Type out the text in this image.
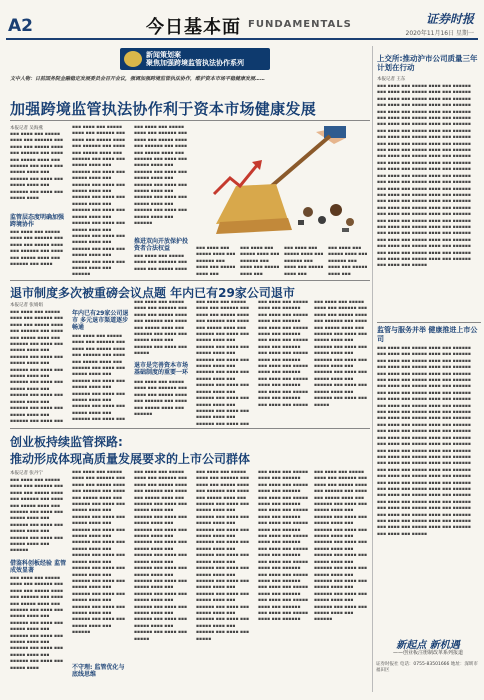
A2	今日基本面 FUNDAMENTALS	证券时报
2020年11月16日 星期一
新闻策划案
聚焦加强跨境监管执法协作系列
文中人物：日前国务院金融稳定发展委员会召开会议，强调加强跨境监管执法协作，维护资本市场平稳健康发展……
加强跨境监管执法协作利于资本市场健康发展
本报记者 吴海燕
▪▪▪ ▪▪▪▪ ▪▪▪ ▪▪▪▪▪ ▪▪▪▪ ▪▪▪ ▪▪▪▪▪▪ ▪▪▪ ▪▪▪▪ ▪▪▪ ▪▪▪▪▪ ▪▪▪▪ ▪▪▪ ▪▪▪▪▪▪ ▪▪▪ ▪▪▪▪ ▪▪▪ ▪▪▪▪▪ ▪▪▪▪ ▪▪▪ ▪▪▪▪▪▪ ▪▪▪ ▪▪▪▪ ▪▪▪ ▪▪▪▪▪ ▪▪▪▪ ▪▪▪ ▪▪▪▪▪▪ ▪▪▪ ▪▪▪▪ ▪▪▪ ▪▪▪▪▪ ▪▪▪▪ ▪▪▪ ▪▪▪▪▪▪ ▪▪▪ ▪▪▪▪ ▪▪▪ ▪▪▪▪▪ ▪▪▪▪
监管层态度明确加强跨境协作
▪▪▪ ▪▪▪▪ ▪▪▪ ▪▪▪▪▪ ▪▪▪▪ ▪▪▪ ▪▪▪▪▪▪ ▪▪▪ ▪▪▪▪ ▪▪▪ ▪▪▪▪▪ ▪▪▪▪ ▪▪▪ ▪▪▪▪▪▪ ▪▪▪ ▪▪▪▪ ▪▪▪ ▪▪▪▪▪ ▪▪▪▪ ▪▪▪ ▪▪▪▪▪▪ ▪▪▪ ▪▪▪▪
▪▪▪ ▪▪▪▪ ▪▪▪ ▪▪▪▪▪ ▪▪▪▪ ▪▪▪ ▪▪▪▪▪▪ ▪▪▪ ▪▪▪▪ ▪▪▪ ▪▪▪▪▪ ▪▪▪▪ ▪▪▪ ▪▪▪▪▪▪ ▪▪▪ ▪▪▪▪ ▪▪▪ ▪▪▪▪▪ ▪▪▪▪ ▪▪▪ ▪▪▪▪▪▪ ▪▪▪ ▪▪▪▪ ▪▪▪ ▪▪▪▪▪ ▪▪▪▪ ▪▪▪ ▪▪▪▪▪▪ ▪▪▪ ▪▪▪▪ ▪▪▪ ▪▪▪▪▪ ▪▪▪▪ ▪▪▪ ▪▪▪▪▪▪ ▪▪▪ ▪▪▪▪ ▪▪▪ ▪▪▪▪▪ ▪▪▪▪ ▪▪▪ ▪▪▪▪▪▪ ▪▪▪ ▪▪▪▪ ▪▪▪ ▪▪▪▪▪ ▪▪▪▪ ▪▪▪ ▪▪▪▪▪▪ ▪▪▪ ▪▪▪▪ ▪▪▪ ▪▪▪▪▪ ▪▪▪▪ ▪▪▪ ▪▪▪▪▪▪ ▪▪▪ ▪▪▪▪ ▪▪▪ ▪▪▪▪▪ ▪▪▪▪ ▪▪▪ ▪▪▪▪▪▪ ▪▪▪ ▪▪▪▪ ▪▪▪ ▪▪▪▪▪ ▪▪▪▪ ▪▪▪ ▪▪▪▪▪▪ ▪▪▪ ▪▪▪▪ ▪▪▪ ▪▪▪▪▪ ▪▪▪▪ ▪▪▪ ▪▪▪▪▪▪ ▪▪▪ ▪▪▪▪ ▪▪▪ ▪▪▪▪▪ ▪▪▪▪ ▪▪▪ ▪▪▪▪▪▪
▪▪▪ ▪▪▪▪ ▪▪▪ ▪▪▪▪▪ ▪▪▪▪ ▪▪▪ ▪▪▪▪▪▪ ▪▪▪ ▪▪▪▪ ▪▪▪ ▪▪▪▪▪ ▪▪▪▪ ▪▪▪ ▪▪▪▪▪▪ ▪▪▪ ▪▪▪▪ ▪▪▪ ▪▪▪▪▪ ▪▪▪▪ ▪▪▪ ▪▪▪▪▪▪ ▪▪▪ ▪▪▪▪ ▪▪▪ ▪▪▪▪▪ ▪▪▪▪ ▪▪▪ ▪▪▪▪▪▪ ▪▪▪ ▪▪▪▪ ▪▪▪ ▪▪▪▪▪ ▪▪▪▪ ▪▪▪ ▪▪▪▪▪▪ ▪▪▪ ▪▪▪▪ ▪▪▪ ▪▪▪▪▪ ▪▪▪▪ ▪▪▪ ▪▪▪▪▪▪ ▪▪▪ ▪▪▪▪ ▪▪▪ ▪▪▪▪▪ ▪▪▪▪ ▪▪▪ ▪▪▪▪▪▪ ▪▪▪ ▪▪▪▪ ▪▪▪ ▪▪▪▪▪ ▪▪▪▪ ▪▪▪ ▪▪▪▪▪▪
推进双向开放保护投资者合法权益
▪▪▪ ▪▪▪▪ ▪▪▪ ▪▪▪▪▪ ▪▪▪▪ ▪▪▪ ▪▪▪▪▪▪ ▪▪▪ ▪▪▪▪ ▪▪▪ ▪▪▪▪▪ ▪▪▪▪
▪▪▪ ▪▪▪▪ ▪▪▪ ▪▪▪▪▪ ▪▪▪▪ ▪▪▪ ▪▪▪▪▪▪ ▪▪▪ ▪▪▪▪ ▪▪▪ ▪▪▪▪▪ ▪▪▪▪ ▪▪▪
▪▪▪ ▪▪▪▪ ▪▪▪ ▪▪▪▪▪ ▪▪▪▪ ▪▪▪ ▪▪▪▪▪▪ ▪▪▪ ▪▪▪▪ ▪▪▪ ▪▪▪▪▪ ▪▪▪▪ ▪▪▪
▪▪▪ ▪▪▪▪ ▪▪▪ ▪▪▪▪▪ ▪▪▪▪ ▪▪▪ ▪▪▪▪▪▪ ▪▪▪ ▪▪▪▪ ▪▪▪ ▪▪▪▪▪ ▪▪▪▪ ▪▪▪
▪▪▪ ▪▪▪▪ ▪▪▪ ▪▪▪▪▪ ▪▪▪▪ ▪▪▪ ▪▪▪▪▪▪ ▪▪▪ ▪▪▪▪ ▪▪▪ ▪▪▪▪▪ ▪▪▪▪ ▪▪▪
退市制度多次被重磅会议点题 年内已有29家公司退市
本报记者 张娟娟
▪▪▪ ▪▪▪▪ ▪▪▪ ▪▪▪▪▪ ▪▪▪▪ ▪▪▪ ▪▪▪▪▪▪ ▪▪▪ ▪▪▪▪ ▪▪▪ ▪▪▪▪▪ ▪▪▪▪ ▪▪▪ ▪▪▪▪▪▪ ▪▪▪ ▪▪▪▪ ▪▪▪ ▪▪▪▪▪ ▪▪▪▪ ▪▪▪ ▪▪▪▪▪▪ ▪▪▪ ▪▪▪▪ ▪▪▪ ▪▪▪▪▪ ▪▪▪▪ ▪▪▪ ▪▪▪▪▪▪ ▪▪▪ ▪▪▪▪ ▪▪▪ ▪▪▪▪▪ ▪▪▪▪ ▪▪▪ ▪▪▪▪▪▪ ▪▪▪ ▪▪▪▪ ▪▪▪ ▪▪▪▪▪ ▪▪▪▪ ▪▪▪ ▪▪▪▪▪▪ ▪▪▪ ▪▪▪▪ ▪▪▪ ▪▪▪▪▪ ▪▪▪▪ ▪▪▪ ▪▪▪▪▪▪ ▪▪▪ ▪▪▪▪ ▪▪▪ ▪▪▪▪▪ ▪▪▪▪ ▪▪▪ ▪▪▪▪▪▪ ▪▪▪ ▪▪▪▪ ▪▪▪ ▪▪▪▪▪ ▪▪▪▪ ▪▪▪ ▪▪▪▪▪▪ ▪▪▪ ▪▪▪▪ ▪▪▪
年内已有29家公司退市 多元退市渠道逐步畅通
▪▪▪ ▪▪▪▪ ▪▪▪ ▪▪▪▪▪ ▪▪▪▪ ▪▪▪ ▪▪▪▪▪▪ ▪▪▪ ▪▪▪▪ ▪▪▪ ▪▪▪▪▪ ▪▪▪▪ ▪▪▪ ▪▪▪▪▪▪ ▪▪▪ ▪▪▪▪ ▪▪▪ ▪▪▪▪▪ ▪▪▪▪ ▪▪▪ ▪▪▪▪▪▪ ▪▪▪ ▪▪▪▪ ▪▪▪ ▪▪▪▪▪ ▪▪▪▪ ▪▪▪ ▪▪▪▪▪▪ ▪▪▪ ▪▪▪▪ ▪▪▪ ▪▪▪▪▪ ▪▪▪▪ ▪▪▪ ▪▪▪▪▪▪ ▪▪▪ ▪▪▪▪ ▪▪▪ ▪▪▪▪▪ ▪▪▪▪ ▪▪▪ ▪▪▪▪▪▪ ▪▪▪ ▪▪▪▪ ▪▪▪ ▪▪▪▪▪ ▪▪▪▪ ▪▪▪ ▪▪▪▪▪▪ ▪▪▪ ▪▪▪▪ ▪▪▪
▪▪▪ ▪▪▪▪ ▪▪▪ ▪▪▪▪▪ ▪▪▪▪ ▪▪▪ ▪▪▪▪▪▪ ▪▪▪ ▪▪▪▪ ▪▪▪ ▪▪▪▪▪ ▪▪▪▪ ▪▪▪ ▪▪▪▪▪▪ ▪▪▪ ▪▪▪▪ ▪▪▪ ▪▪▪▪▪ ▪▪▪▪ ▪▪▪ ▪▪▪▪▪▪ ▪▪▪ ▪▪▪▪ ▪▪▪ ▪▪▪▪▪ ▪▪▪▪ ▪▪▪ ▪▪▪▪▪▪ ▪▪▪ ▪▪▪▪ ▪▪▪ ▪▪▪▪▪
退市是完善资本市场基础制度的重要一环
▪▪▪ ▪▪▪▪ ▪▪▪ ▪▪▪▪▪ ▪▪▪▪ ▪▪▪ ▪▪▪▪▪▪ ▪▪▪ ▪▪▪▪ ▪▪▪ ▪▪▪▪▪ ▪▪▪▪ ▪▪▪ ▪▪▪▪▪▪ ▪▪▪ ▪▪▪▪ ▪▪▪ ▪▪▪▪▪ ▪▪▪▪ ▪▪▪ ▪▪▪▪▪▪
▪▪▪ ▪▪▪▪ ▪▪▪ ▪▪▪▪▪ ▪▪▪▪ ▪▪▪ ▪▪▪▪▪▪ ▪▪▪ ▪▪▪▪ ▪▪▪ ▪▪▪▪▪ ▪▪▪▪ ▪▪▪ ▪▪▪▪▪▪ ▪▪▪ ▪▪▪▪ ▪▪▪ ▪▪▪▪▪ ▪▪▪▪ ▪▪▪ ▪▪▪▪▪▪ ▪▪▪ ▪▪▪▪ ▪▪▪ ▪▪▪▪▪ ▪▪▪▪ ▪▪▪ ▪▪▪▪▪▪ ▪▪▪ ▪▪▪▪ ▪▪▪ ▪▪▪▪▪ ▪▪▪▪ ▪▪▪ ▪▪▪▪▪▪ ▪▪▪ ▪▪▪▪ ▪▪▪ ▪▪▪▪▪ ▪▪▪▪ ▪▪▪ ▪▪▪▪▪▪ ▪▪▪ ▪▪▪▪ ▪▪▪ ▪▪▪▪▪ ▪▪▪▪ ▪▪▪ ▪▪▪▪▪▪ ▪▪▪ ▪▪▪▪ ▪▪▪ ▪▪▪▪▪ ▪▪▪▪ ▪▪▪ ▪▪▪▪▪▪ ▪▪▪ ▪▪▪▪ ▪▪▪ ▪▪▪▪▪ ▪▪▪▪ ▪▪▪ ▪▪▪▪▪▪ ▪▪▪ ▪▪▪▪ ▪▪▪ ▪▪▪▪▪ ▪▪▪▪ ▪▪▪ ▪▪▪▪▪▪ ▪▪▪ ▪▪▪▪ ▪▪▪
▪▪▪ ▪▪▪▪ ▪▪▪ ▪▪▪▪▪ ▪▪▪▪ ▪▪▪ ▪▪▪▪▪▪ ▪▪▪ ▪▪▪▪ ▪▪▪ ▪▪▪▪▪ ▪▪▪▪ ▪▪▪ ▪▪▪▪▪▪ ▪▪▪ ▪▪▪▪ ▪▪▪ ▪▪▪▪▪ ▪▪▪▪ ▪▪▪ ▪▪▪▪▪▪ ▪▪▪ ▪▪▪▪ ▪▪▪ ▪▪▪▪▪ ▪▪▪▪ ▪▪▪ ▪▪▪▪▪▪ ▪▪▪ ▪▪▪▪ ▪▪▪ ▪▪▪▪▪ ▪▪▪▪ ▪▪▪ ▪▪▪▪▪▪ ▪▪▪ ▪▪▪▪ ▪▪▪ ▪▪▪▪▪ ▪▪▪▪ ▪▪▪ ▪▪▪▪▪▪ ▪▪▪ ▪▪▪▪ ▪▪▪ ▪▪▪▪▪ ▪▪▪▪ ▪▪▪ ▪▪▪▪▪▪ ▪▪▪ ▪▪▪▪ ▪▪▪ ▪▪▪▪▪ ▪▪▪▪ ▪▪▪ ▪▪▪▪▪▪ ▪▪▪ ▪▪▪▪ ▪▪▪ ▪▪▪▪▪
▪▪▪ ▪▪▪▪ ▪▪▪ ▪▪▪▪▪ ▪▪▪▪ ▪▪▪ ▪▪▪▪▪▪ ▪▪▪ ▪▪▪▪ ▪▪▪ ▪▪▪▪▪ ▪▪▪▪ ▪▪▪ ▪▪▪▪▪▪ ▪▪▪ ▪▪▪▪ ▪▪▪ ▪▪▪▪▪ ▪▪▪▪ ▪▪▪ ▪▪▪▪▪▪ ▪▪▪ ▪▪▪▪ ▪▪▪ ▪▪▪▪▪ ▪▪▪▪ ▪▪▪ ▪▪▪▪▪▪ ▪▪▪ ▪▪▪▪ ▪▪▪ ▪▪▪▪▪ ▪▪▪▪ ▪▪▪ ▪▪▪▪▪▪ ▪▪▪ ▪▪▪▪ ▪▪▪ ▪▪▪▪▪ ▪▪▪▪ ▪▪▪ ▪▪▪▪▪▪ ▪▪▪ ▪▪▪▪ ▪▪▪ ▪▪▪▪▪ ▪▪▪▪ ▪▪▪ ▪▪▪▪▪▪ ▪▪▪ ▪▪▪▪ ▪▪▪ ▪▪▪▪▪ ▪▪▪▪ ▪▪▪ ▪▪▪▪▪▪ ▪▪▪ ▪▪▪▪ ▪▪▪ ▪▪▪▪▪
创业板持续监管探路:
推动形成体现高质量发展要求的上市公司群体
本报记者 张丹宁
▪▪▪ ▪▪▪▪ ▪▪▪ ▪▪▪▪▪ ▪▪▪▪ ▪▪▪ ▪▪▪▪▪▪ ▪▪▪ ▪▪▪▪ ▪▪▪ ▪▪▪▪▪ ▪▪▪▪ ▪▪▪ ▪▪▪▪▪▪ ▪▪▪ ▪▪▪▪ ▪▪▪ ▪▪▪▪▪ ▪▪▪▪ ▪▪▪ ▪▪▪▪▪▪ ▪▪▪ ▪▪▪▪ ▪▪▪ ▪▪▪▪▪ ▪▪▪▪ ▪▪▪ ▪▪▪▪▪▪ ▪▪▪ ▪▪▪▪ ▪▪▪ ▪▪▪▪▪ ▪▪▪▪ ▪▪▪ ▪▪▪▪▪▪ ▪▪▪ ▪▪▪▪ ▪▪▪ ▪▪▪▪▪ ▪▪▪▪ ▪▪▪ ▪▪▪▪▪▪
借鉴科创板经验 监管成效显著
▪▪▪ ▪▪▪▪ ▪▪▪ ▪▪▪▪▪ ▪▪▪▪ ▪▪▪ ▪▪▪▪▪▪ ▪▪▪ ▪▪▪▪ ▪▪▪ ▪▪▪▪▪ ▪▪▪▪ ▪▪▪ ▪▪▪▪▪▪ ▪▪▪ ▪▪▪▪ ▪▪▪ ▪▪▪▪▪ ▪▪▪▪ ▪▪▪ ▪▪▪▪▪▪ ▪▪▪ ▪▪▪▪ ▪▪▪ ▪▪▪▪▪ ▪▪▪▪ ▪▪▪ ▪▪▪▪▪▪ ▪▪▪ ▪▪▪▪ ▪▪▪ ▪▪▪▪▪ ▪▪▪▪ ▪▪▪ ▪▪▪▪▪▪ ▪▪▪ ▪▪▪▪ ▪▪▪ ▪▪▪▪▪ ▪▪▪▪ ▪▪▪ ▪▪▪▪▪▪ ▪▪▪ ▪▪▪▪ ▪▪▪ ▪▪▪▪▪ ▪▪▪▪ ▪▪▪ ▪▪▪▪▪▪ ▪▪▪ ▪▪▪▪ ▪▪▪ ▪▪▪▪▪ ▪▪▪▪
▪▪▪ ▪▪▪▪ ▪▪▪ ▪▪▪▪▪ ▪▪▪▪ ▪▪▪ ▪▪▪▪▪▪ ▪▪▪ ▪▪▪▪ ▪▪▪ ▪▪▪▪▪ ▪▪▪▪ ▪▪▪ ▪▪▪▪▪▪ ▪▪▪ ▪▪▪▪ ▪▪▪ ▪▪▪▪▪ ▪▪▪▪ ▪▪▪ ▪▪▪▪▪▪ ▪▪▪ ▪▪▪▪ ▪▪▪ ▪▪▪▪▪ ▪▪▪▪ ▪▪▪ ▪▪▪▪▪▪ ▪▪▪ ▪▪▪▪ ▪▪▪ ▪▪▪▪▪ ▪▪▪▪ ▪▪▪ ▪▪▪▪▪▪ ▪▪▪ ▪▪▪▪ ▪▪▪ ▪▪▪▪▪ ▪▪▪▪ ▪▪▪ ▪▪▪▪▪▪ ▪▪▪ ▪▪▪▪ ▪▪▪ ▪▪▪▪▪ ▪▪▪▪ ▪▪▪ ▪▪▪▪▪▪ ▪▪▪ ▪▪▪▪ ▪▪▪ ▪▪▪▪▪ ▪▪▪▪ ▪▪▪ ▪▪▪▪▪▪ ▪▪▪ ▪▪▪▪ ▪▪▪ ▪▪▪▪▪ ▪▪▪▪ ▪▪▪ ▪▪▪▪▪▪ ▪▪▪ ▪▪▪▪ ▪▪▪ ▪▪▪▪▪ ▪▪▪▪ ▪▪▪ ▪▪▪▪▪▪ ▪▪▪ ▪▪▪▪ ▪▪▪ ▪▪▪▪▪ ▪▪▪▪ ▪▪▪ ▪▪▪▪▪▪ ▪▪▪ ▪▪▪▪ ▪▪▪ ▪▪▪▪▪ ▪▪▪▪ ▪▪▪ ▪▪▪▪▪▪ ▪▪▪ ▪▪▪▪ ▪▪▪ ▪▪▪▪▪ ▪▪▪▪ ▪▪▪ ▪▪▪▪▪▪
不守理: 监管优化与底线思维
▪▪▪ ▪▪▪▪ ▪▪▪ ▪▪▪▪▪ ▪▪▪▪ ▪▪▪ ▪▪▪▪▪▪ ▪▪▪ ▪▪▪▪ ▪▪▪ ▪▪▪▪▪ ▪▪▪▪ ▪▪▪ ▪▪▪▪▪▪ ▪▪▪ ▪▪▪▪ ▪▪▪ ▪▪▪▪▪ ▪▪▪▪ ▪▪▪ ▪▪▪▪▪▪ ▪▪▪ ▪▪▪▪ ▪▪▪ ▪▪▪▪▪ ▪▪▪▪ ▪▪▪ ▪▪▪▪▪▪ ▪▪▪ ▪▪▪▪ ▪▪▪ ▪▪▪▪▪ ▪▪▪▪ ▪▪▪ ▪▪▪▪▪▪ ▪▪▪ ▪▪▪▪ ▪▪▪ ▪▪▪▪▪ ▪▪▪▪ ▪▪▪ ▪▪▪▪▪▪ ▪▪▪ ▪▪▪▪ ▪▪▪ ▪▪▪▪▪ ▪▪▪▪ ▪▪▪ ▪▪▪▪▪▪ ▪▪▪ ▪▪▪▪ ▪▪▪ ▪▪▪▪▪ ▪▪▪▪ ▪▪▪ ▪▪▪▪▪▪ ▪▪▪ ▪▪▪▪ ▪▪▪ ▪▪▪▪▪ ▪▪▪▪ ▪▪▪ ▪▪▪▪▪▪ ▪▪▪ ▪▪▪▪ ▪▪▪ ▪▪▪▪▪ ▪▪▪▪ ▪▪▪ ▪▪▪▪▪▪ ▪▪▪ ▪▪▪▪ ▪▪▪ ▪▪▪▪▪ ▪▪▪▪ ▪▪▪ ▪▪▪▪▪▪ ▪▪▪ ▪▪▪▪ ▪▪▪ ▪▪▪▪▪ ▪▪▪▪ ▪▪▪ ▪▪▪▪▪▪ ▪▪▪ ▪▪▪▪ ▪▪▪ ▪▪▪▪▪ ▪▪▪▪ ▪▪▪ ▪▪▪▪▪▪ ▪▪▪ ▪▪▪▪ ▪▪▪ ▪▪▪▪▪
▪▪▪ ▪▪▪▪ ▪▪▪ ▪▪▪▪▪ ▪▪▪▪ ▪▪▪ ▪▪▪▪▪▪ ▪▪▪ ▪▪▪▪ ▪▪▪ ▪▪▪▪▪ ▪▪▪▪ ▪▪▪ ▪▪▪▪▪▪ ▪▪▪ ▪▪▪▪ ▪▪▪ ▪▪▪▪▪ ▪▪▪▪ ▪▪▪ ▪▪▪▪▪▪ ▪▪▪ ▪▪▪▪ ▪▪▪ ▪▪▪▪▪ ▪▪▪▪ ▪▪▪ ▪▪▪▪▪▪ ▪▪▪ ▪▪▪▪ ▪▪▪ ▪▪▪▪▪ ▪▪▪▪ ▪▪▪ ▪▪▪▪▪▪ ▪▪▪ ▪▪▪▪ ▪▪▪ ▪▪▪▪▪ ▪▪▪▪ ▪▪▪ ▪▪▪▪▪▪ ▪▪▪ ▪▪▪▪ ▪▪▪ ▪▪▪▪▪ ▪▪▪▪ ▪▪▪ ▪▪▪▪▪▪ ▪▪▪ ▪▪▪▪ ▪▪▪ ▪▪▪▪▪ ▪▪▪▪ ▪▪▪ ▪▪▪▪▪▪ ▪▪▪ ▪▪▪▪ ▪▪▪ ▪▪▪▪▪ ▪▪▪▪ ▪▪▪ ▪▪▪▪▪▪ ▪▪▪ ▪▪▪▪ ▪▪▪ ▪▪▪▪▪ ▪▪▪▪ ▪▪▪ ▪▪▪▪▪▪ ▪▪▪ ▪▪▪▪ ▪▪▪ ▪▪▪▪▪ ▪▪▪▪ ▪▪▪ ▪▪▪▪▪▪ ▪▪▪ ▪▪▪▪ ▪▪▪ ▪▪▪▪▪ ▪▪▪▪ ▪▪▪ ▪▪▪▪▪▪ ▪▪▪ ▪▪▪▪ ▪▪▪ ▪▪▪▪▪ ▪▪▪▪ ▪▪▪ ▪▪▪▪▪▪ ▪▪▪ ▪▪▪▪ ▪▪▪ ▪▪▪▪▪
▪▪▪ ▪▪▪▪ ▪▪▪ ▪▪▪▪▪ ▪▪▪▪ ▪▪▪ ▪▪▪▪▪▪ ▪▪▪ ▪▪▪▪ ▪▪▪ ▪▪▪▪▪ ▪▪▪▪ ▪▪▪ ▪▪▪▪▪▪ ▪▪▪ ▪▪▪▪ ▪▪▪ ▪▪▪▪▪ ▪▪▪▪ ▪▪▪ ▪▪▪▪▪▪ ▪▪▪ ▪▪▪▪ ▪▪▪ ▪▪▪▪▪ ▪▪▪▪ ▪▪▪ ▪▪▪▪▪▪ ▪▪▪ ▪▪▪▪ ▪▪▪ ▪▪▪▪▪ ▪▪▪▪ ▪▪▪ ▪▪▪▪▪▪ ▪▪▪ ▪▪▪▪ ▪▪▪ ▪▪▪▪▪ ▪▪▪▪ ▪▪▪ ▪▪▪▪▪▪ ▪▪▪ ▪▪▪▪ ▪▪▪ ▪▪▪▪▪ ▪▪▪▪ ▪▪▪ ▪▪▪▪▪▪ ▪▪▪ ▪▪▪▪ ▪▪▪ ▪▪▪▪▪ ▪▪▪▪ ▪▪▪ ▪▪▪▪▪▪ ▪▪▪ ▪▪▪▪ ▪▪▪ ▪▪▪▪▪ ▪▪▪▪ ▪▪▪ ▪▪▪▪▪▪ ▪▪▪ ▪▪▪▪ ▪▪▪ ▪▪▪▪▪ ▪▪▪▪ ▪▪▪ ▪▪▪▪▪▪ ▪▪▪ ▪▪▪▪ ▪▪▪ ▪▪▪▪▪ ▪▪▪▪ ▪▪▪ ▪▪▪▪▪▪ ▪▪▪ ▪▪▪▪ ▪▪▪ ▪▪▪▪▪ ▪▪▪▪ ▪▪▪ ▪▪▪▪▪▪
▪▪▪ ▪▪▪▪ ▪▪▪ ▪▪▪▪▪ ▪▪▪▪ ▪▪▪ ▪▪▪▪▪▪ ▪▪▪ ▪▪▪▪ ▪▪▪ ▪▪▪▪▪ ▪▪▪▪ ▪▪▪ ▪▪▪▪▪▪ ▪▪▪ ▪▪▪▪ ▪▪▪ ▪▪▪▪▪ ▪▪▪▪ ▪▪▪ ▪▪▪▪▪▪ ▪▪▪ ▪▪▪▪ ▪▪▪ ▪▪▪▪▪ ▪▪▪▪ ▪▪▪ ▪▪▪▪▪▪ ▪▪▪ ▪▪▪▪ ▪▪▪ ▪▪▪▪▪ ▪▪▪▪ ▪▪▪ ▪▪▪▪▪▪ ▪▪▪ ▪▪▪▪ ▪▪▪ ▪▪▪▪▪ ▪▪▪▪ ▪▪▪ ▪▪▪▪▪▪ ▪▪▪ ▪▪▪▪ ▪▪▪ ▪▪▪▪▪ ▪▪▪▪ ▪▪▪ ▪▪▪▪▪▪ ▪▪▪ ▪▪▪▪ ▪▪▪ ▪▪▪▪▪ ▪▪▪▪ ▪▪▪ ▪▪▪▪▪▪ ▪▪▪ ▪▪▪▪ ▪▪▪ ▪▪▪▪▪ ▪▪▪▪ ▪▪▪ ▪▪▪▪▪▪ ▪▪▪ ▪▪▪▪ ▪▪▪ ▪▪▪▪▪ ▪▪▪▪ ▪▪▪ ▪▪▪▪▪▪ ▪▪▪ ▪▪▪▪ ▪▪▪ ▪▪▪▪▪ ▪▪▪▪ ▪▪▪ ▪▪▪▪▪▪ ▪▪▪ ▪▪▪▪ ▪▪▪ ▪▪▪▪▪ ▪▪▪▪ ▪▪▪ ▪▪▪▪▪▪
上交所:推动沪市公司质量三年计划在行动
本报记者 王东
▪▪▪ ▪▪▪▪ ▪▪▪ ▪▪▪▪▪ ▪▪▪▪ ▪▪▪ ▪▪▪▪▪▪ ▪▪▪ ▪▪▪▪ ▪▪▪ ▪▪▪▪▪ ▪▪▪▪ ▪▪▪ ▪▪▪▪▪▪ ▪▪▪ ▪▪▪▪ ▪▪▪ ▪▪▪▪▪ ▪▪▪▪ ▪▪▪ ▪▪▪▪▪▪ ▪▪▪ ▪▪▪▪ ▪▪▪ ▪▪▪▪▪ ▪▪▪▪ ▪▪▪ ▪▪▪▪▪▪ ▪▪▪ ▪▪▪▪ ▪▪▪ ▪▪▪▪▪ ▪▪▪▪ ▪▪▪ ▪▪▪▪▪▪ ▪▪▪ ▪▪▪▪ ▪▪▪ ▪▪▪▪▪ ▪▪▪▪ ▪▪▪ ▪▪▪▪▪▪ ▪▪▪ ▪▪▪▪ ▪▪▪ ▪▪▪▪▪ ▪▪▪▪ ▪▪▪ ▪▪▪▪▪▪ ▪▪▪ ▪▪▪▪ ▪▪▪ ▪▪▪▪▪ ▪▪▪▪ ▪▪▪ ▪▪▪▪▪▪ ▪▪▪ ▪▪▪▪ ▪▪▪ ▪▪▪▪▪ ▪▪▪▪ ▪▪▪ ▪▪▪▪▪▪ ▪▪▪ ▪▪▪▪ ▪▪▪ ▪▪▪▪▪ ▪▪▪▪ ▪▪▪ ▪▪▪▪▪▪ ▪▪▪ ▪▪▪▪ ▪▪▪ ▪▪▪▪▪ ▪▪▪▪ ▪▪▪ ▪▪▪▪▪▪ ▪▪▪ ▪▪▪▪ ▪▪▪ ▪▪▪▪▪ ▪▪▪▪ ▪▪▪ ▪▪▪▪▪▪ ▪▪▪ ▪▪▪▪ ▪▪▪ ▪▪▪▪▪ ▪▪▪▪ ▪▪▪ ▪▪▪▪▪▪ ▪▪▪ ▪▪▪▪ ▪▪▪ ▪▪▪▪▪ ▪▪▪▪ ▪▪▪ ▪▪▪▪▪▪ ▪▪▪ ▪▪▪▪ ▪▪▪ ▪▪▪▪▪ ▪▪▪▪ ▪▪▪ ▪▪▪▪▪▪ ▪▪▪ ▪▪▪▪ ▪▪▪ ▪▪▪▪▪ ▪▪▪▪ ▪▪▪ ▪▪▪▪▪▪ ▪▪▪ ▪▪▪▪ ▪▪▪ ▪▪▪▪▪ ▪▪▪▪ ▪▪▪ ▪▪▪▪▪▪ ▪▪▪ ▪▪▪▪ ▪▪▪ ▪▪▪▪▪ ▪▪▪▪ ▪▪▪ ▪▪▪▪▪▪ ▪▪▪ ▪▪▪▪ ▪▪▪ ▪▪▪▪▪ ▪▪▪▪ ▪▪▪ ▪▪▪▪▪▪ ▪▪▪ ▪▪▪▪ ▪▪▪ ▪▪▪▪▪ ▪▪▪▪ ▪▪▪ ▪▪▪▪▪▪ ▪▪▪ ▪▪▪▪ ▪▪▪ ▪▪▪▪▪ ▪▪▪▪ ▪▪▪ ▪▪▪▪▪▪ ▪▪▪ ▪▪▪▪ ▪▪▪ ▪▪▪▪▪ ▪▪▪▪ ▪▪▪ ▪▪▪▪▪▪ ▪▪▪ ▪▪▪▪ ▪▪▪ ▪▪▪▪▪ ▪▪▪▪ ▪▪▪ ▪▪▪▪▪▪ ▪▪▪ ▪▪▪▪ ▪▪▪ ▪▪▪▪▪ ▪▪▪▪ ▪▪▪ ▪▪▪▪▪▪ ▪▪▪ ▪▪▪▪ ▪▪▪ ▪▪▪▪▪ ▪▪▪▪ ▪▪▪ ▪▪▪▪▪▪ ▪▪▪ ▪▪▪▪ ▪▪▪ ▪▪▪▪▪ ▪▪▪▪ ▪▪▪ ▪▪▪▪▪▪ ▪▪▪ ▪▪▪▪ ▪▪▪ ▪▪▪▪▪ ▪▪▪▪ ▪▪▪ ▪▪▪▪▪▪ ▪▪▪ ▪▪▪▪ ▪▪▪ ▪▪▪▪▪ ▪▪▪▪ ▪▪▪ ▪▪▪▪▪▪ ▪▪▪ ▪▪▪▪ ▪▪▪ ▪▪▪▪▪
监管与服务并举 健康推进上市公司
▪▪▪ ▪▪▪▪ ▪▪▪ ▪▪▪▪▪ ▪▪▪▪ ▪▪▪ ▪▪▪▪▪▪ ▪▪▪ ▪▪▪▪ ▪▪▪ ▪▪▪▪▪ ▪▪▪▪ ▪▪▪ ▪▪▪▪▪▪ ▪▪▪ ▪▪▪▪ ▪▪▪ ▪▪▪▪▪ ▪▪▪▪ ▪▪▪ ▪▪▪▪▪▪ ▪▪▪ ▪▪▪▪ ▪▪▪ ▪▪▪▪▪ ▪▪▪▪ ▪▪▪ ▪▪▪▪▪▪ ▪▪▪ ▪▪▪▪ ▪▪▪ ▪▪▪▪▪ ▪▪▪▪ ▪▪▪ ▪▪▪▪▪▪ ▪▪▪ ▪▪▪▪ ▪▪▪ ▪▪▪▪▪ ▪▪▪▪ ▪▪▪ ▪▪▪▪▪▪ ▪▪▪ ▪▪▪▪ ▪▪▪ ▪▪▪▪▪ ▪▪▪▪ ▪▪▪ ▪▪▪▪▪▪ ▪▪▪ ▪▪▪▪ ▪▪▪ ▪▪▪▪▪ ▪▪▪▪ ▪▪▪ ▪▪▪▪▪▪ ▪▪▪ ▪▪▪▪ ▪▪▪ ▪▪▪▪▪ ▪▪▪▪ ▪▪▪ ▪▪▪▪▪▪ ▪▪▪ ▪▪▪▪ ▪▪▪ ▪▪▪▪▪ ▪▪▪▪ ▪▪▪ ▪▪▪▪▪▪ ▪▪▪ ▪▪▪▪ ▪▪▪ ▪▪▪▪▪ ▪▪▪▪ ▪▪▪ ▪▪▪▪▪▪ ▪▪▪ ▪▪▪▪ ▪▪▪ ▪▪▪▪▪ ▪▪▪▪ ▪▪▪ ▪▪▪▪▪▪ ▪▪▪ ▪▪▪▪ ▪▪▪ ▪▪▪▪▪ ▪▪▪▪ ▪▪▪ ▪▪▪▪▪▪ ▪▪▪ ▪▪▪▪ ▪▪▪ ▪▪▪▪▪ ▪▪▪▪ ▪▪▪ ▪▪▪▪▪▪ ▪▪▪ ▪▪▪▪ ▪▪▪ ▪▪▪▪▪ ▪▪▪▪ ▪▪▪ ▪▪▪▪▪▪ ▪▪▪ ▪▪▪▪ ▪▪▪ ▪▪▪▪▪ ▪▪▪▪ ▪▪▪ ▪▪▪▪▪▪ ▪▪▪ ▪▪▪▪ ▪▪▪ ▪▪▪▪▪ ▪▪▪▪ ▪▪▪ ▪▪▪▪▪▪ ▪▪▪ ▪▪▪▪ ▪▪▪ ▪▪▪▪▪ ▪▪▪▪ ▪▪▪ ▪▪▪▪▪▪ ▪▪▪ ▪▪▪▪ ▪▪▪ ▪▪▪▪▪ ▪▪▪▪ ▪▪▪ ▪▪▪▪▪▪ ▪▪▪ ▪▪▪▪ ▪▪▪ ▪▪▪▪▪ ▪▪▪▪ ▪▪▪ ▪▪▪▪▪▪ ▪▪▪ ▪▪▪▪ ▪▪▪ ▪▪▪▪▪ ▪▪▪▪ ▪▪▪ ▪▪▪▪▪▪ ▪▪▪ ▪▪▪▪ ▪▪▪ ▪▪▪▪▪ ▪▪▪▪ ▪▪▪ ▪▪▪▪▪▪ ▪▪▪ ▪▪▪▪ ▪▪▪ ▪▪▪▪▪ ▪▪▪▪ ▪▪▪ ▪▪▪▪▪▪ ▪▪▪ ▪▪▪▪ ▪▪▪ ▪▪▪▪▪ ▪▪▪▪ ▪▪▪ ▪▪▪▪▪▪ ▪▪▪ ▪▪▪▪ ▪▪▪ ▪▪▪▪▪ ▪▪▪▪ ▪▪▪ ▪▪▪▪▪▪ ▪▪▪ ▪▪▪▪ ▪▪▪ ▪▪▪▪▪ ▪▪▪▪ ▪▪▪ ▪▪▪▪▪▪ ▪▪▪ ▪▪▪▪ ▪▪▪ ▪▪▪▪▪ ▪▪▪▪ ▪▪▪ ▪▪▪▪▪▪ ▪▪▪ ▪▪▪▪ ▪▪▪ ▪▪▪▪▪ ▪▪▪▪ ▪▪▪ ▪▪▪▪▪▪ ▪▪▪ ▪▪▪▪ ▪▪▪ ▪▪▪▪▪ ▪▪▪▪ ▪▪▪ ▪▪▪▪▪▪ ▪▪▪ ▪▪▪▪ ▪▪▪ ▪▪▪▪▪
新起点 新机遇
——创业板注册制改革系列报道
证券时报社 电话：0755-83501666 地址：深圳市福田区
